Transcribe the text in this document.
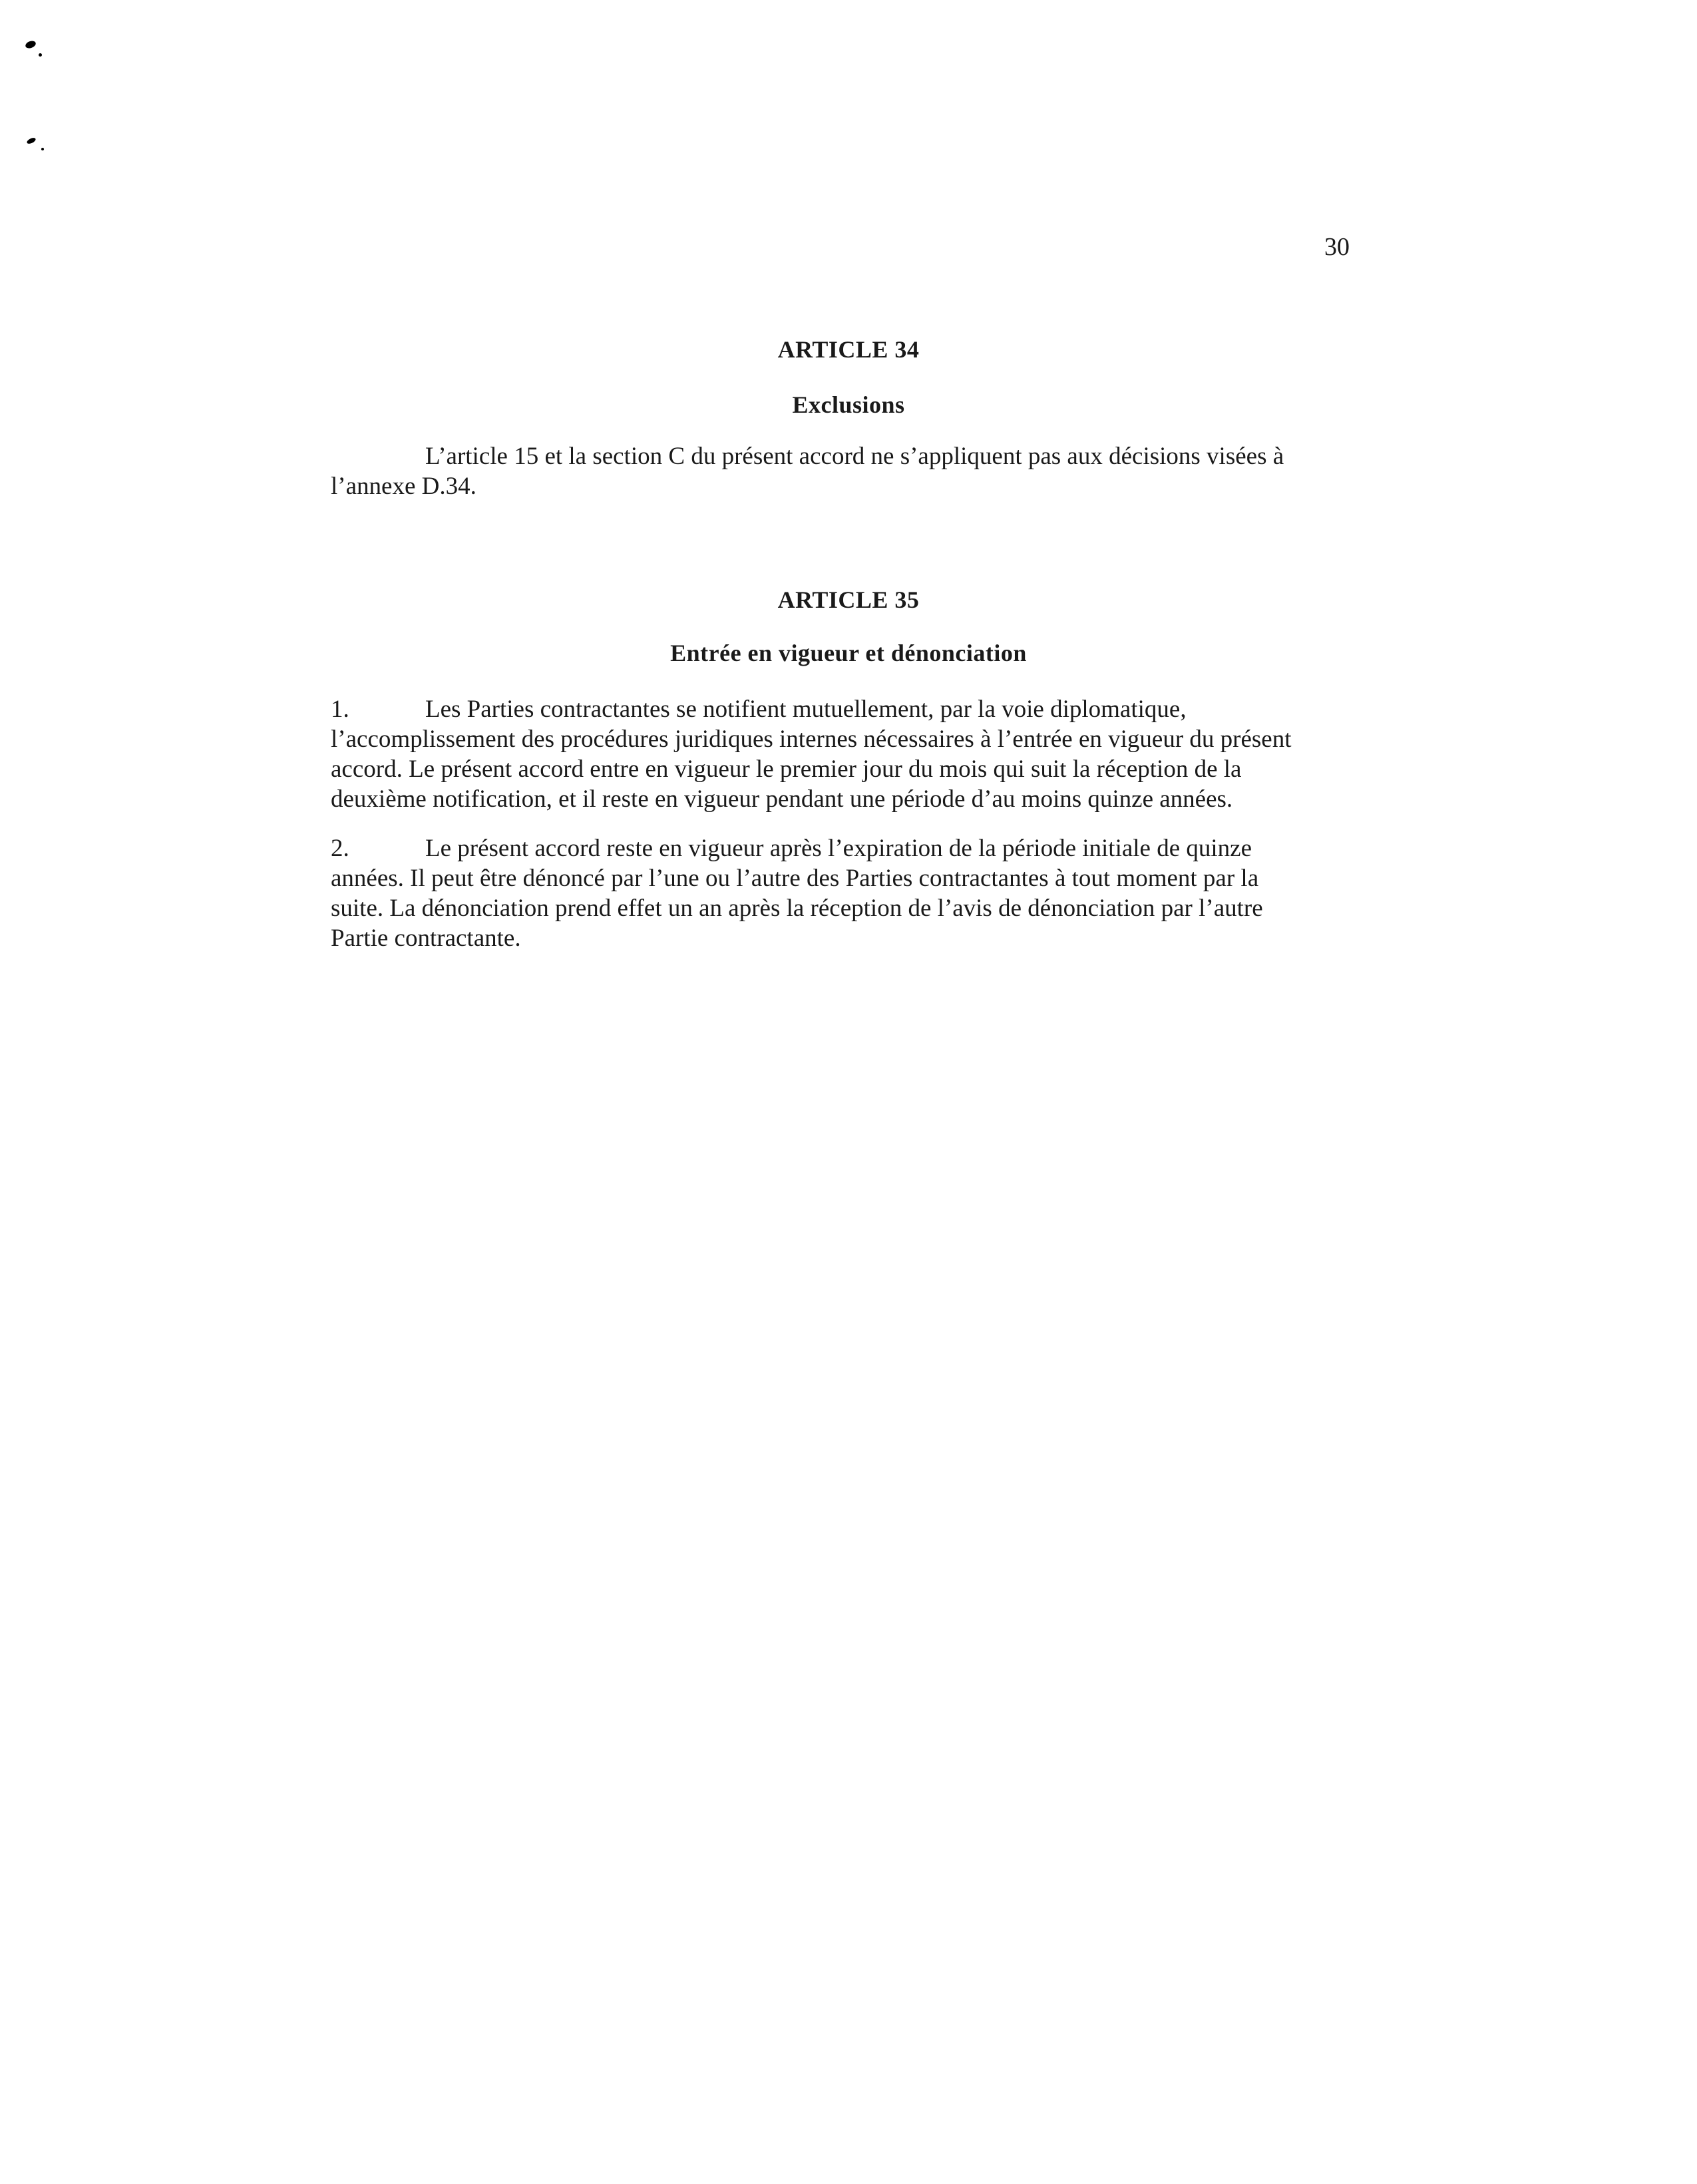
30
ARTICLE 34
Exclusions
L’article 15 et la section C du présent accord ne s’appliquent pas aux décisions visées à
l’annexe D.34.
ARTICLE 35
Entrée en vigueur et dénonciation
1.	Les Parties contractantes se notifient mutuellement, par la voie diplomatique,
l’accomplissement des procédures juridiques internes nécessaires à l’entrée en vigueur du présent
accord. Le présent accord entre en vigueur le premier jour du mois qui suit la réception de la
deuxième notification, et il reste en vigueur pendant une période d’au moins quinze années.
2.	Le présent accord reste en vigueur après l’expiration de la période initiale de quinze
années. Il peut être dénoncé par l’une ou l’autre des Parties contractantes à tout moment par la
suite. La dénonciation prend effet un an après la réception de l’avis de dénonciation par l’autre
Partie contractante.
